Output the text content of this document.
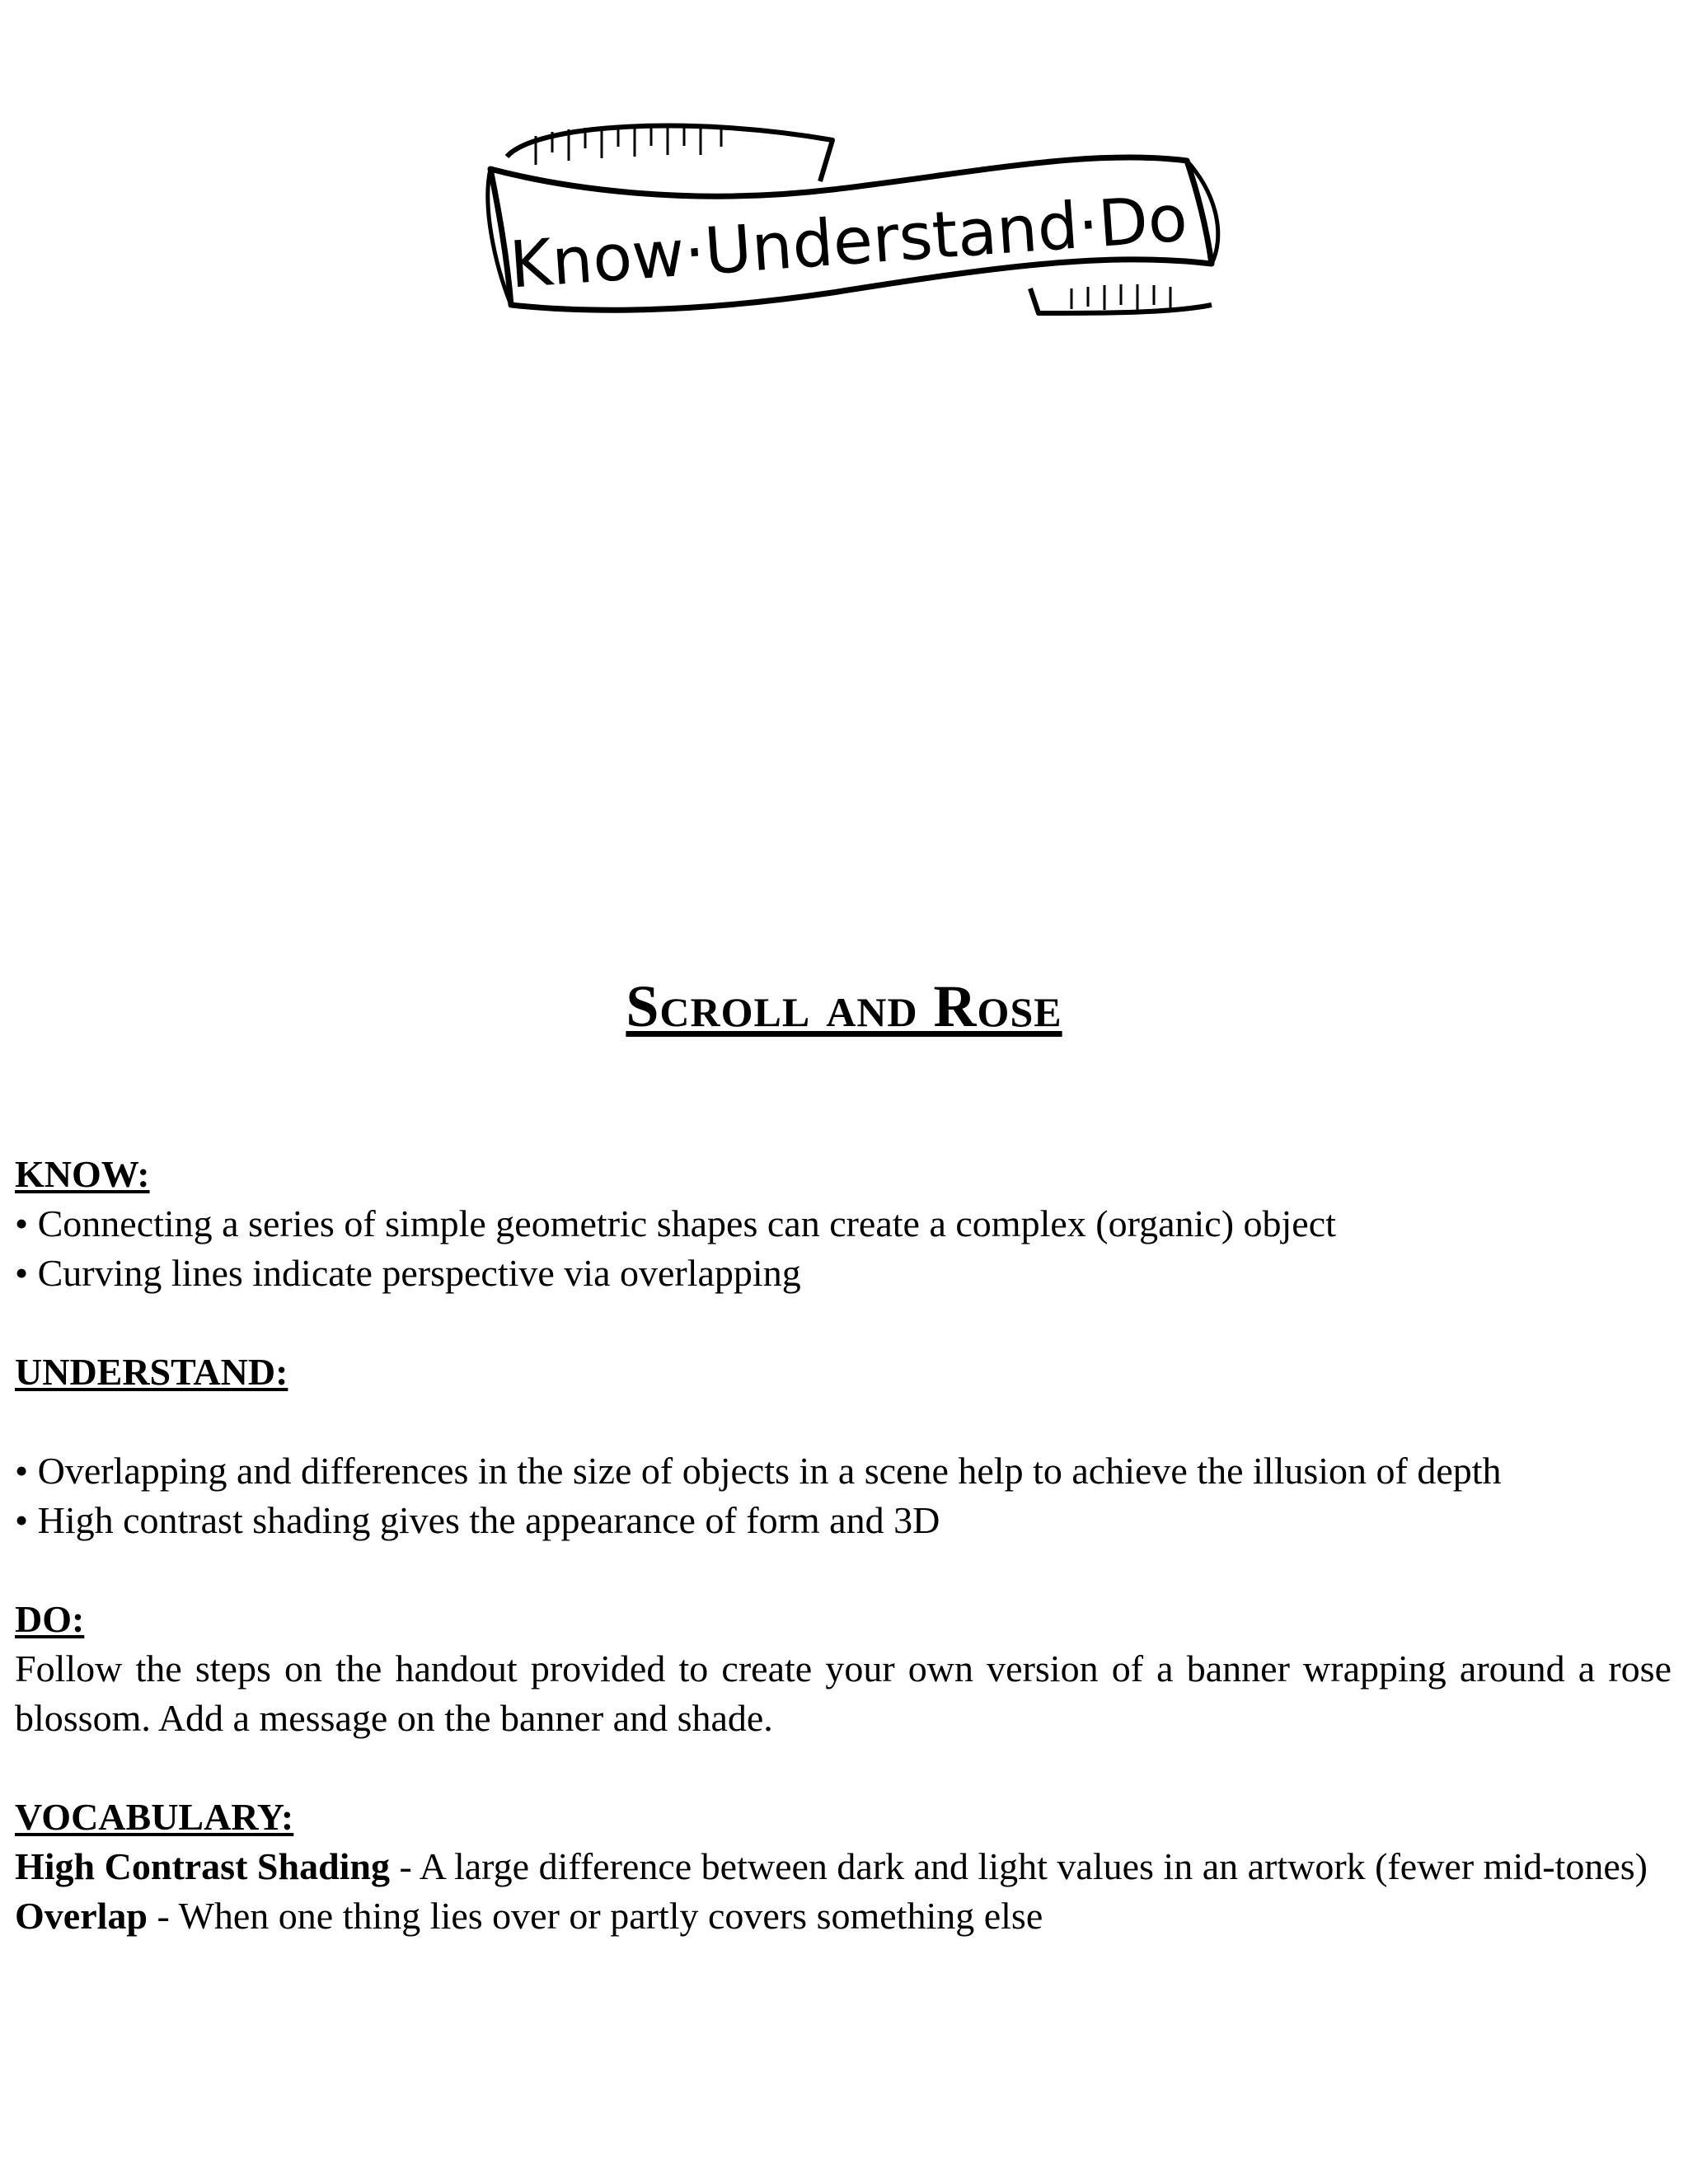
Know·Understand·Do
Scroll and Rose
KNOW:
• Connecting a series of simple geometric shapes can create a complex (organic) object
• Curving lines indicate perspective via overlapping
UNDERSTAND:
• Overlapping and differences in the size of objects in a scene help to achieve the illusion of depth
• High contrast shading gives the appearance of form and 3D
DO:
Follow the steps on the handout provided to create your own version of a banner wrapping around a rose blossom. Add a message on the banner and shade.
VOCABULARY:
High Contrast Shading - A large difference between dark and light values in an artwork (fewer mid-tones)
Overlap - When one thing lies over or partly covers something else
